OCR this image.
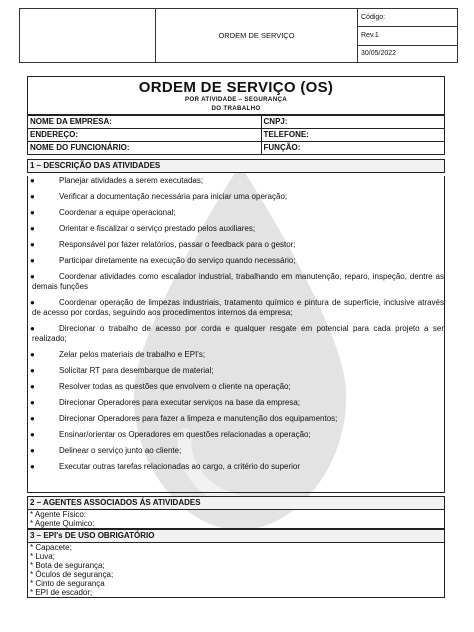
	ORDEM DE SERVIÇO	Código:
Rev.1
30/05/2022
ORDEM DE SERVIÇO (OS)
POR ATIVIDADE – SEGURANÇA
DO TRABALHO
NOME DA EMPRESA:	CNPJ:
ENDEREÇO:	TELEFONE:
NOME DO FUNCIONÁRIO:	FUNÇÃO:
1 – DESCRIÇÃO DAS ATIVIDADES
●	Planejar atividades a serem executadas;
●	Verificar a documentação necessária para iniciar uma operação;
●	Coordenar a equipe operacional;
●	Orientar e fiscalizar o serviço prestado pelos auxiliares;
●	Responsável por fazer relatórios, passar o feedback para o gestor;
●	Participar diretamente na execução do serviço quando necessário;
●	Coordenar atividades como escalador industrial, trabalhando em manutenção, reparo, inspeção, dentre as demais funções
●	Coordenar operação de limpezas industriais, tratamento químico e pintura de superfície, inclusive através de acesso por cordas, seguindo aos procedimentos internos da empresa;
●	Direcionar o trabalho de acesso por corda e qualquer resgate em potencial para cada projeto a ser realizado;
●	Zelar pelos materiais de trabalho e EPI's;
●	Solicitar RT para desembarque de material;
●	Resolver todas as questões que envolvem o cliente na operação;
●	Direcionar Operadores para executar serviços na base da empresa;
●	Direcionar Operadores para fazer a limpeza e manutenção dos equipamentos;
●	Ensinar/orientar os Operadores em questões relacionadas a operação;
●	Delinear o serviço junto ao cliente;
●	Executar outras tarefas relacionadas ao cargo, a critério do superior
2 – AGENTES ASSOCIADOS ÁS ATIVIDADES
* Agente Físico:
* Agente Químico:
3 – EPI's DE USO OBRIGATÓRIO
* Capacete;
* Luva;
* Bota de segurança;
* Óculos de segurança;
* Cinto de segurança
* EPI de escador;
